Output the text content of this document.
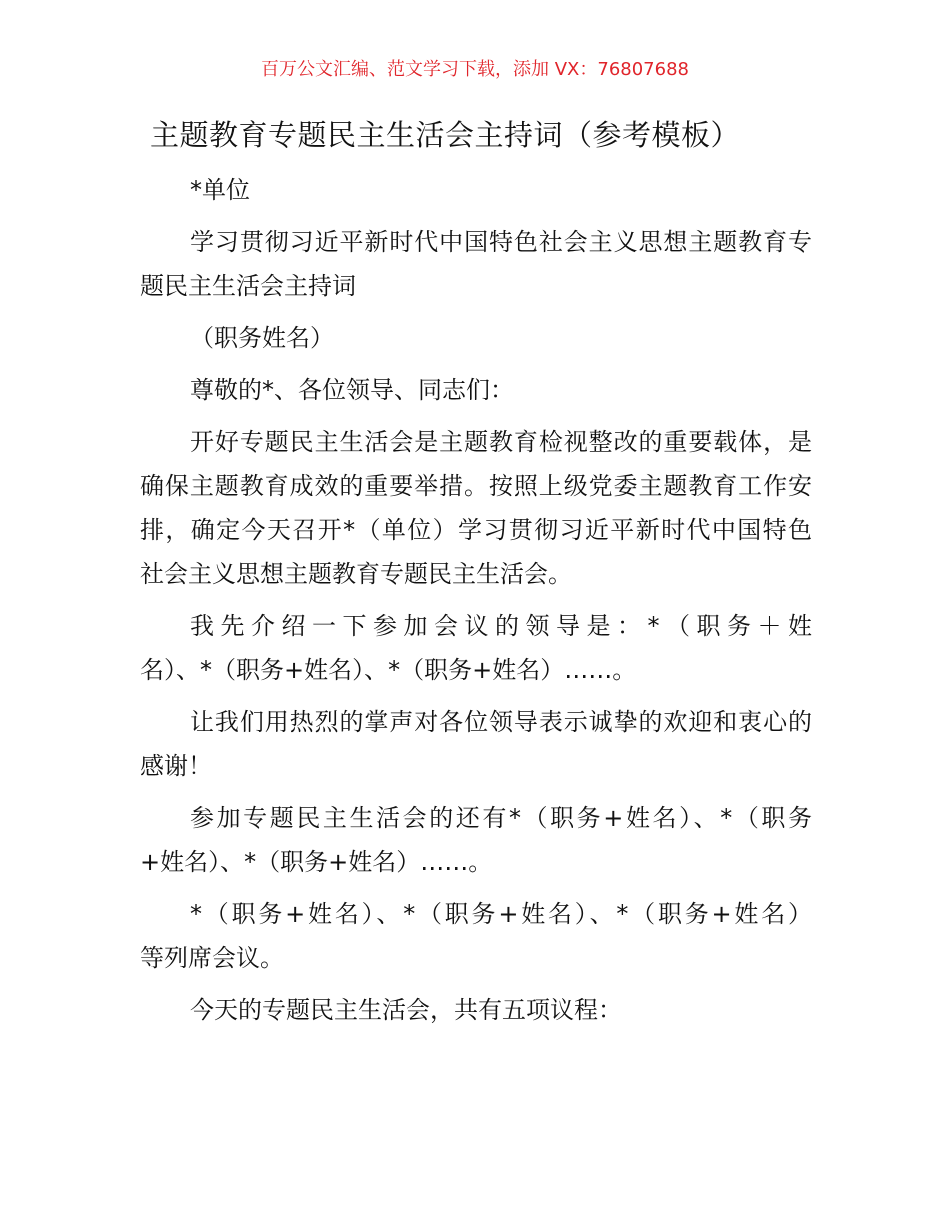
百万公文汇编、范文学习下载，添加 VX：76807688
主题教育专题民主生活会主持词（参考模板）
*单位
学习贯彻习近平新时代中国特色社会主义思想主题教育专
题民主生活会主持词
（职务姓名）
尊敬的*、各位领导、同志们：
开好专题民主生活会是主题教育检视整改的重要载体，是
确保主题教育成效的重要举措。按照上级党委主题教育工作安
排，确定今天召开*（单位）学习贯彻习近平新时代中国特色
社会主义思想主题教育专题民主生活会。
我先介绍一下参加会议的领导是：*（职务＋姓
名）、*（职务+姓名）、*（职务+姓名）……。
让我们用热烈的掌声对各位领导表示诚挚的欢迎和衷心的
感谢！
参加专题民主生活会的还有*（职务+姓名）、*（职务
+姓名）、*（职务+姓名）……。
*（职务+姓名）、*（职务+姓名）、*（职务+姓名）
等列席会议。
今天的专题民主生活会，共有五项议程：
